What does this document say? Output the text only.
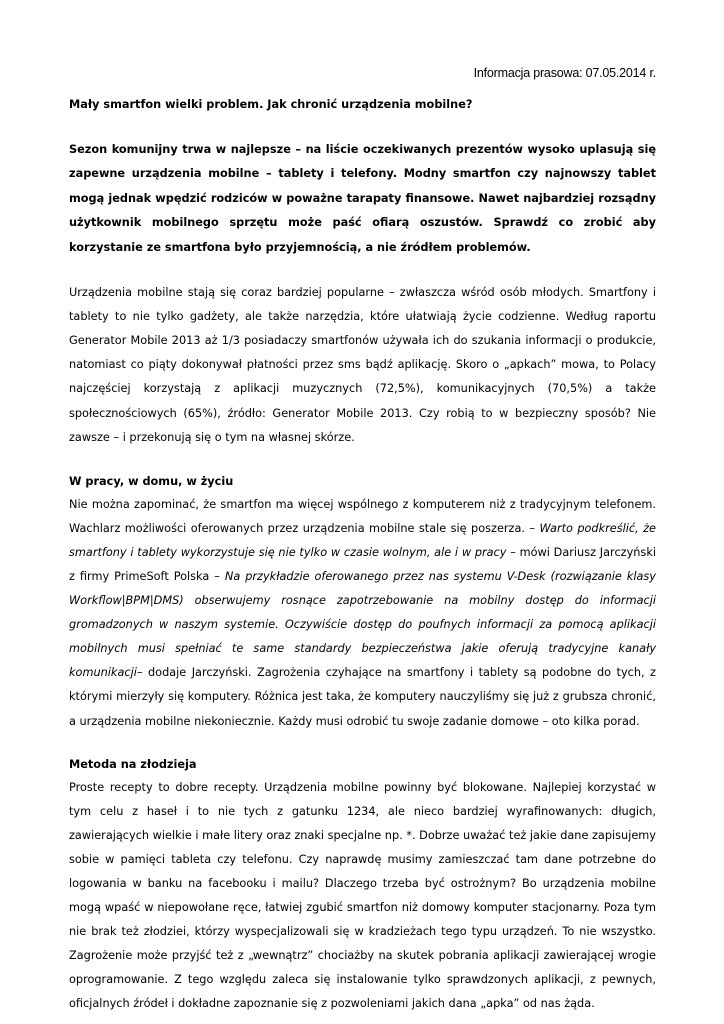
Informacja prasowa: 07.05.2014 r.
Mały smartfon wielki problem. Jak chronić urządzenia mobilne?
Sezon komunijny trwa w najlepsze – na liście oczekiwanych prezentów wysoko uplasują się zapewne urządzenia mobilne – tablety i telefony. Modny smartfon czy najnowszy tablet mogą jednak wpędzić rodziców w poważne tarapaty finansowe. Nawet najbardziej rozsądny użytkownik mobilnego sprzętu może paść ofiarą oszustów. Sprawdź co zrobić aby korzystanie ze smartfona było przyjemnością, a nie źródłem problemów.

Urządzenia mobilne stają się coraz bardziej popularne – zwłaszcza wśród osób młodych. Smartfony i tablety to nie tylko gadżety, ale także narzędzia, które ułatwiają życie codzienne. Według raportu Generator Mobile 2013 aż 1/3 posiadaczy smartfonów używała ich do szukania informacji o produkcie, natomiast co piąty dokonywał płatności przez sms bądź aplikację. Skoro o „apkach” mowa, to Polacy najczęściej korzystają z aplikacji muzycznych (72,5%), komunikacyjnych (70,5%) a także społecznościowych (65%), źródło: Generator Mobile 2013. Czy robią to w bezpieczny sposób? Nie zawsze – i przekonują się o tym na własnej skórze.

W pracy, w domu, w życiu

Nie można zapominać, że smartfon ma więcej wspólnego z komputerem niż z tradycyjnym telefonem. Wachlarz możliwości oferowanych przez urządzenia mobilne stale się poszerza. – Warto podkreślić, że smartfony i tablety wykorzystuje się nie tylko w czasie wolnym, ale i w pracy – mówi Dariusz Jarczyński z firmy PrimeSoft Polska – Na przykładzie oferowanego przez nas systemu V-Desk (rozwiązanie klasy Workflow|BPM|DMS) obserwujemy rosnące zapotrzebowanie na mobilny dostęp do informacji gromadzonych w naszym systemie. Oczywiście dostęp do poufnych informacji za pomocą aplikacji mobilnych musi spełniać te same standardy bezpieczeństwa jakie oferują tradycyjne kanały komunikacji– dodaje Jarczyński. Zagrożenia czyhające na smartfony i tablety są podobne do tych, z którymi mierzyły się komputery. Różnica jest taka, że komputery nauczyliśmy się już z grubsza chronić, a urządzenia mobilne niekoniecznie. Każdy musi odrobić tu swoje zadanie domowe – oto kilka porad.

Metoda na złodzieja

Proste recepty to dobre recepty. Urządzenia mobilne powinny być blokowane. Najlepiej korzystać w tym celu z haseł i to nie tych z gatunku 1234, ale nieco bardziej wyrafinowanych: długich, zawierających wielkie i małe litery oraz znaki specjalne np. *. Dobrze uważać też jakie dane zapisujemy sobie w pamięci tableta czy telefonu. Czy naprawdę musimy zamieszczać tam dane potrzebne do logowania w banku na facebooku i mailu? Dlaczego trzeba być ostrożnym? Bo urządzenia mobilne mogą wpaść w niepowołane ręce, łatwiej zgubić smartfon niż domowy komputer stacjonarny. Poza tym nie brak też złodziei, którzy wyspecjalizowali się w kradzieżach tego typu urządzeń. To nie wszystko. Zagrożenie może przyjść też z „wewnątrz” chociażby na skutek pobrania aplikacji zawierającej wrogie oprogramowanie. Z tego względu zaleca się instalowanie tylko sprawdzonych aplikacji, z pewnych, oficjalnych źródeł i dokładne zapoznanie się z pozwoleniami jakich dana „apka” od nas żąda.
